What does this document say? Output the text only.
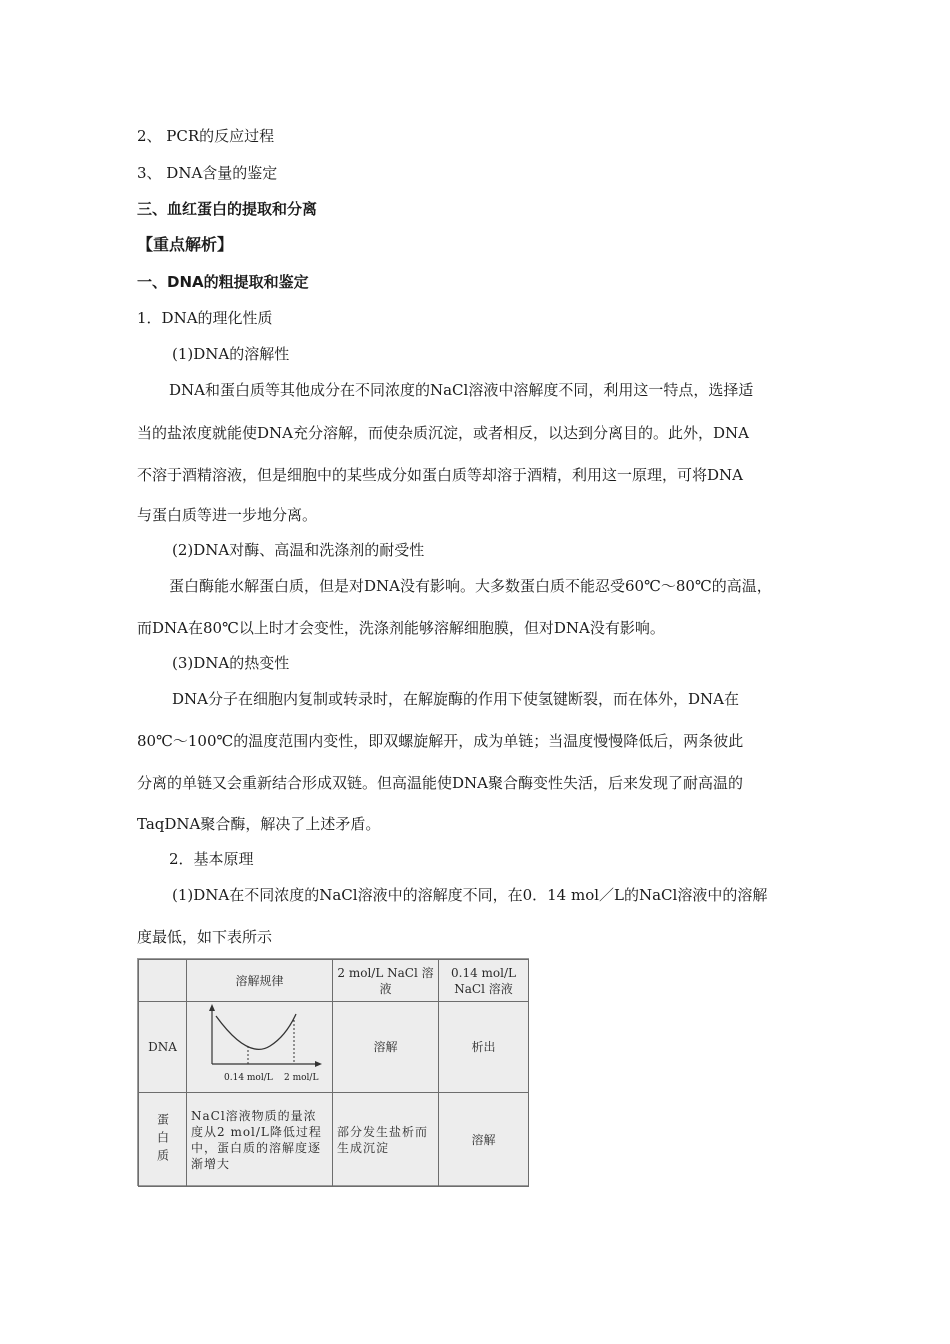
2、 PCR的反应过程
3、 DNA含量的鉴定
三、血红蛋白的提取和分离
【重点解析】
一、DNA的粗提取和鉴定
1．DNA的理化性质
(1)DNA的溶解性
DNA和蛋白质等其他成分在不同浓度的NaCl溶液中溶解度不同，利用这一特点，选择适
当的盐浓度就能使DNA充分溶解，而使杂质沉淀，或者相反，以达到分离目的。此外，DNA
不溶于酒精溶液，但是细胞中的某些成分如蛋白质等却溶于酒精，利用这一原理，可将DNA
与蛋白质等进一步地分离。
(2)DNA对酶、高温和洗涤剂的耐受性
蛋白酶能水解蛋白质，但是对DNA没有影响。大多数蛋白质不能忍受60℃～80℃的高温，
而DNA在80℃以上时才会变性，洗涤剂能够溶解细胞膜，但对DNA没有影响。
(3)DNA的热变性
DNA分子在细胞内复制或转录时，在解旋酶的作用下使氢键断裂，而在体外，DNA在
80℃～100℃的温度范围内变性，即双螺旋解开，成为单链；当温度慢慢降低后，两条彼此
分离的单链又会重新结合形成双链。但高温能使DNA聚合酶变性失活，后来发现了耐高温的
TaqDNA聚合酶，解决了上述矛盾。
2．基本原理
(1)DNA在不同浓度的NaCl溶液中的溶解度不同，在0．14 mol／L的NaCl溶液中的溶解
度最低，如下表所示
	溶解规律	2 mol/L NaCl 溶液	0.14 mol/L NaCl 溶液
DNA	0.14 mol/L 2 mol/L	溶解	析出

蛋白质	NaCl溶液物质的量浓度从2 mol/L降低过程中，蛋白质的溶解度逐渐增大	部分发生盐析而生成沉淀	溶解
